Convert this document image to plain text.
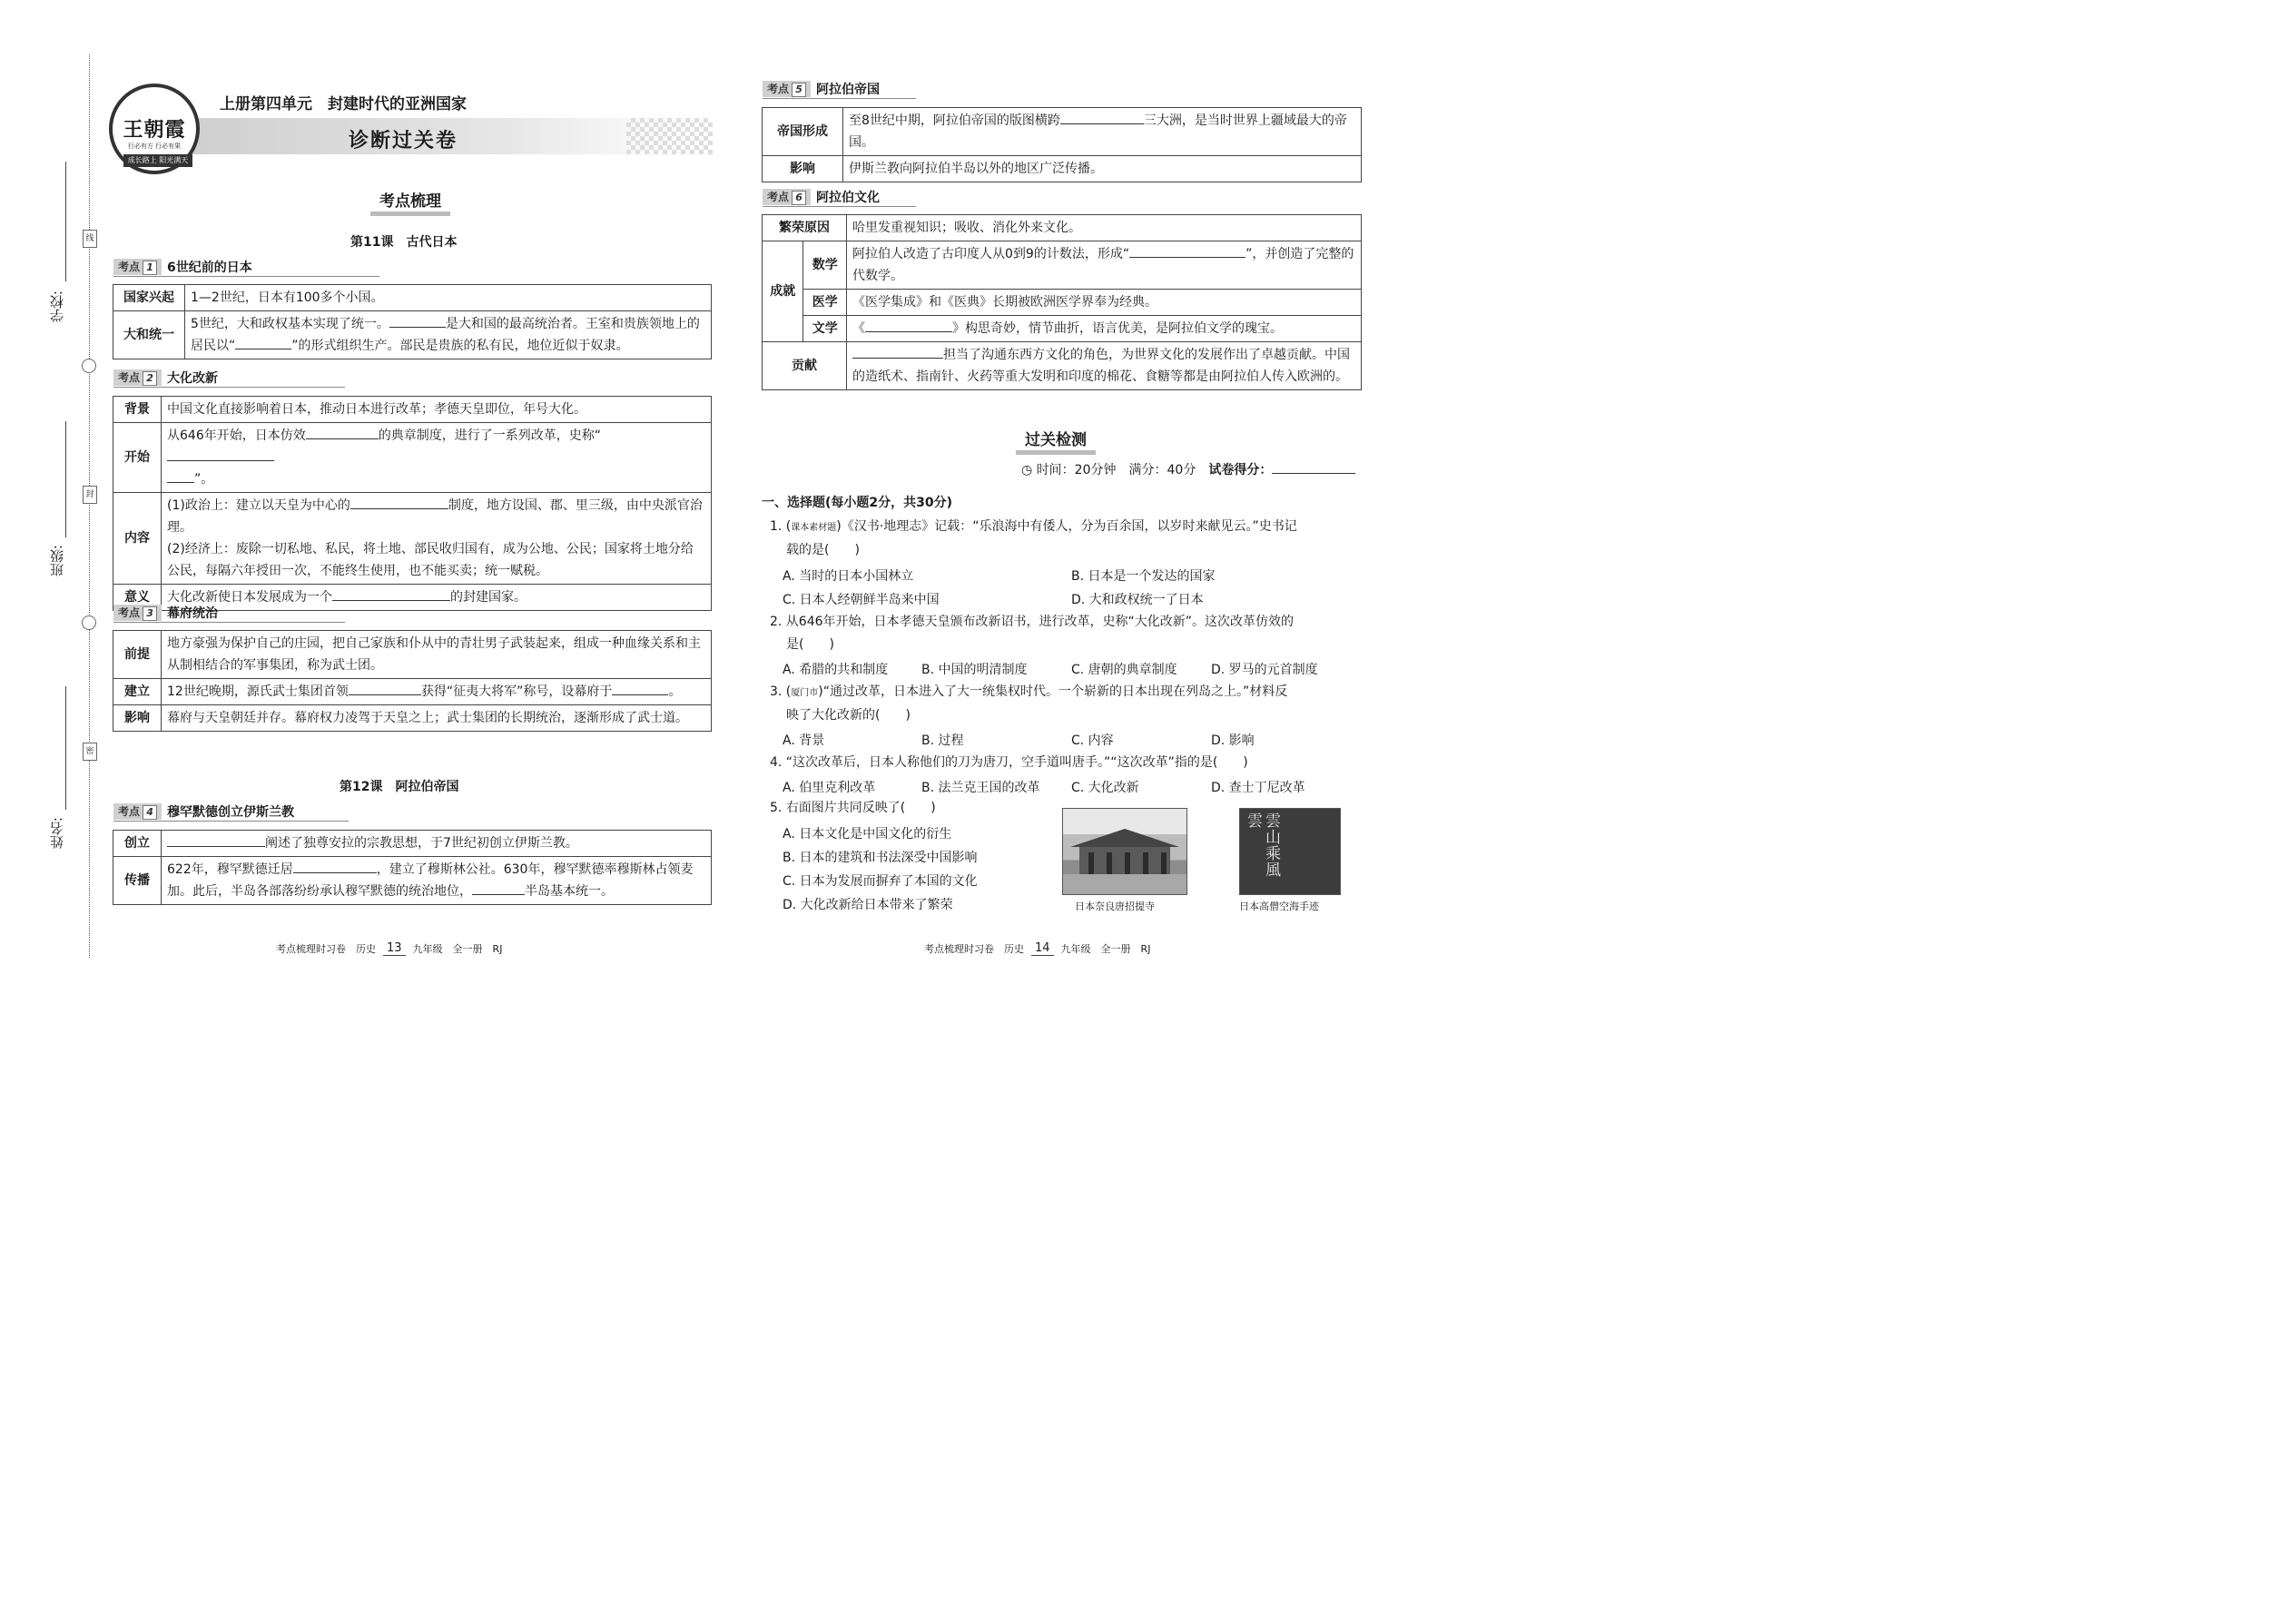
线
封
密
学校:
班级:
姓名:
王朝霞
行必有方 行必有果
成长路上 阳光满天
上册第四单元　封建时代的亚洲国家
诊断过关卷
考点梳理
第11课　古代日本
考点 1	6世纪前的日本
国家兴起	1—2世纪，日本有100多个小国。
大和统一	5世纪，大和政权基本实现了统一。 是大和国的最高统治者。王室和贵族领地上的居民以“ ”的形式组织生产。部民是贵族的私有民，地位近似于奴隶。
考点 2	大化改新
背景	中国文化直接影响着日本，推动日本进行改革；孝德天皇即位，年号大化。
开始	从646年开始，日本仿效 的典章制度，进行了一系列改革，史称“
”。
内容	(1)政治上：建立以天皇为中心的 制度，地方设国、郡、里三级，由中央派官治理。
(2)经济上：废除一切私地、私民，将土地、部民收归国有，成为公地、公民；国家将土地分给公民，每隔六年授田一次，不能终生使用，也不能买卖；统一赋税。
意义	大化改新使日本发展成为一个 的封建国家。
考点 3	幕府统治
前提	地方豪强为保护自己的庄园，把自己家族和仆从中的青壮男子武装起来，组成一种血缘关系和主从制相结合的军事集团，称为武士团。
建立	12世纪晚期，源氏武士集团首领 获得“征夷大将军”称号，设幕府于 。
影响	幕府与天皇朝廷并存。幕府权力凌驾于天皇之上；武士集团的长期统治，逐渐形成了武士道。
第12课　阿拉伯帝国
考点 4	穆罕默德创立伊斯兰教
创立	阐述了独尊安拉的宗教思想，于7世纪初创立伊斯兰教。
传播	622年，穆罕默德迁居 ，建立了穆斯林公社。630年，穆罕默德率穆斯林占领麦加。此后，半岛各部落纷纷承认穆罕默德的统治地位， 半岛基本统一。
考点 5	阿拉伯帝国
帝国形成	至8世纪中期，阿拉伯帝国的版图横跨 三大洲，是当时世界上疆域最大的帝国。
影响	伊斯兰教向阿拉伯半岛以外的地区广泛传播。
考点 6	阿拉伯文化
繁荣原因		哈里发重视知识；吸收、消化外来文化。
成就	数学	阿拉伯人改造了古印度人从0到9的计数法，形成“ ”，并创造了完整的代数学。
	医学	《医学集成》和《医典》长期被欧洲医学界奉为经典。
	文学	《 》构思奇妙，情节曲折，语言优美，是阿拉伯文学的瑰宝。
贡献		担当了沟通东西方文化的角色，为世界文化的发展作出了卓越贡献。中国的造纸术、指南针、火药等重大发明和印度的棉花、食糖等都是由阿拉伯人传入欧洲的。
过关检测
◷ 时间：20分钟　 满分：40分　 试卷得分：
一、选择题(每小题2分，共30分)
1. (课本素材题)《汉书·地理志》记载：“乐浪海中有倭人，分为百余国，以岁时来献见云。”史书记
载的是(　　)
A. 当时的日本小国林立	B. 日本是一个发达的国家
C. 日本人经朝鲜半岛来中国	D. 大和政权统一了日本
2. 从646年开始，日本孝德天皇颁布改新诏书，进行改革，史称“大化改新”。这次改革仿效的
是(　　)
A. 希腊的共和制度	B. 中国的明清制度	C. 唐朝的典章制度	D. 罗马的元首制度
3. (厦门市)“通过改革，日本进入了大一统集权时代。一个崭新的日本出现在列岛之上。”材料反
映了大化改新的(　　)
A. 背景	B. 过程	C. 内容	D. 影响
4. “这次改革后，日本人称他们的刀为唐刀，空手道叫唐手。”“这次改革”指的是(　　)
A. 伯里克利改革	B. 法兰克王国的改革 C. 大化改新	D. 查士丁尼改革
5. 右面图片共同反映了(　　)
A. 日本文化是中国文化的衍生
B. 日本的建筑和书法深受中国影响
C. 日本为发展而摒弃了本国的文化
D. 大化改新给日本带来了繁荣	日本奈良唐招提寺
雲山乘風雲
日本高僧空海手迹
考点梳理时习卷　历史 13	九年级　全一册　RJ	考点梳理时习卷　历史 14	九年级　全一册　RJ
